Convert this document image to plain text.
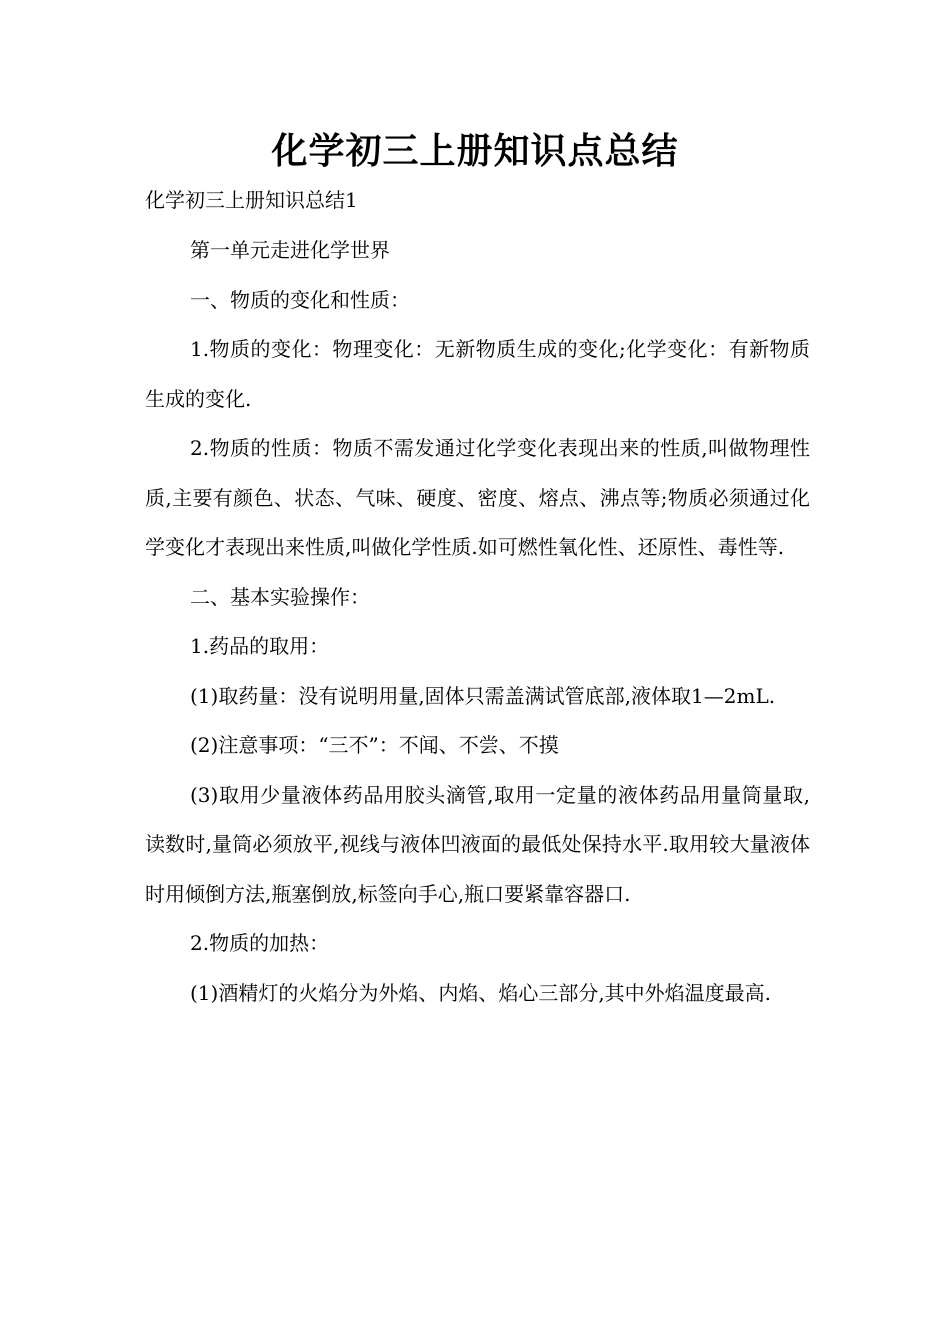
化学初三上册知识点总结

化学初三上册知识总结1

第一单元走进化学世界

一、物质的变化和性质：

1.物质的变化：物理变化：无新物质生成的变化;化学变化：有新物质生成的变化.

2.物质的性质：物质不需发通过化学变化表现出来的性质,叫做物理性质,主要有颜色、状态、气味、硬度、密度、熔点、沸点等;物质必须通过化学变化才表现出来性质,叫做化学性质.如可燃性氧化性、还原性、毒性等.

二、基本实验操作：

1.药品的取用：

(1)取药量：没有说明用量,固体只需盖满试管底部,液体取1—2mL.

(2)注意事项：“三不”：不闻、不尝、不摸

(3)取用少量液体药品用胶头滴管,取用一定量的液体药品用量筒量取,读数时,量筒必须放平,视线与液体凹液面的最低处保持水平.取用较大量液体时用倾倒方法,瓶塞倒放,标签向手心,瓶口要紧靠容器口.

2.物质的加热：

(1)酒精灯的火焰分为外焰、内焰、焰心三部分,其中外焰温度最高.
